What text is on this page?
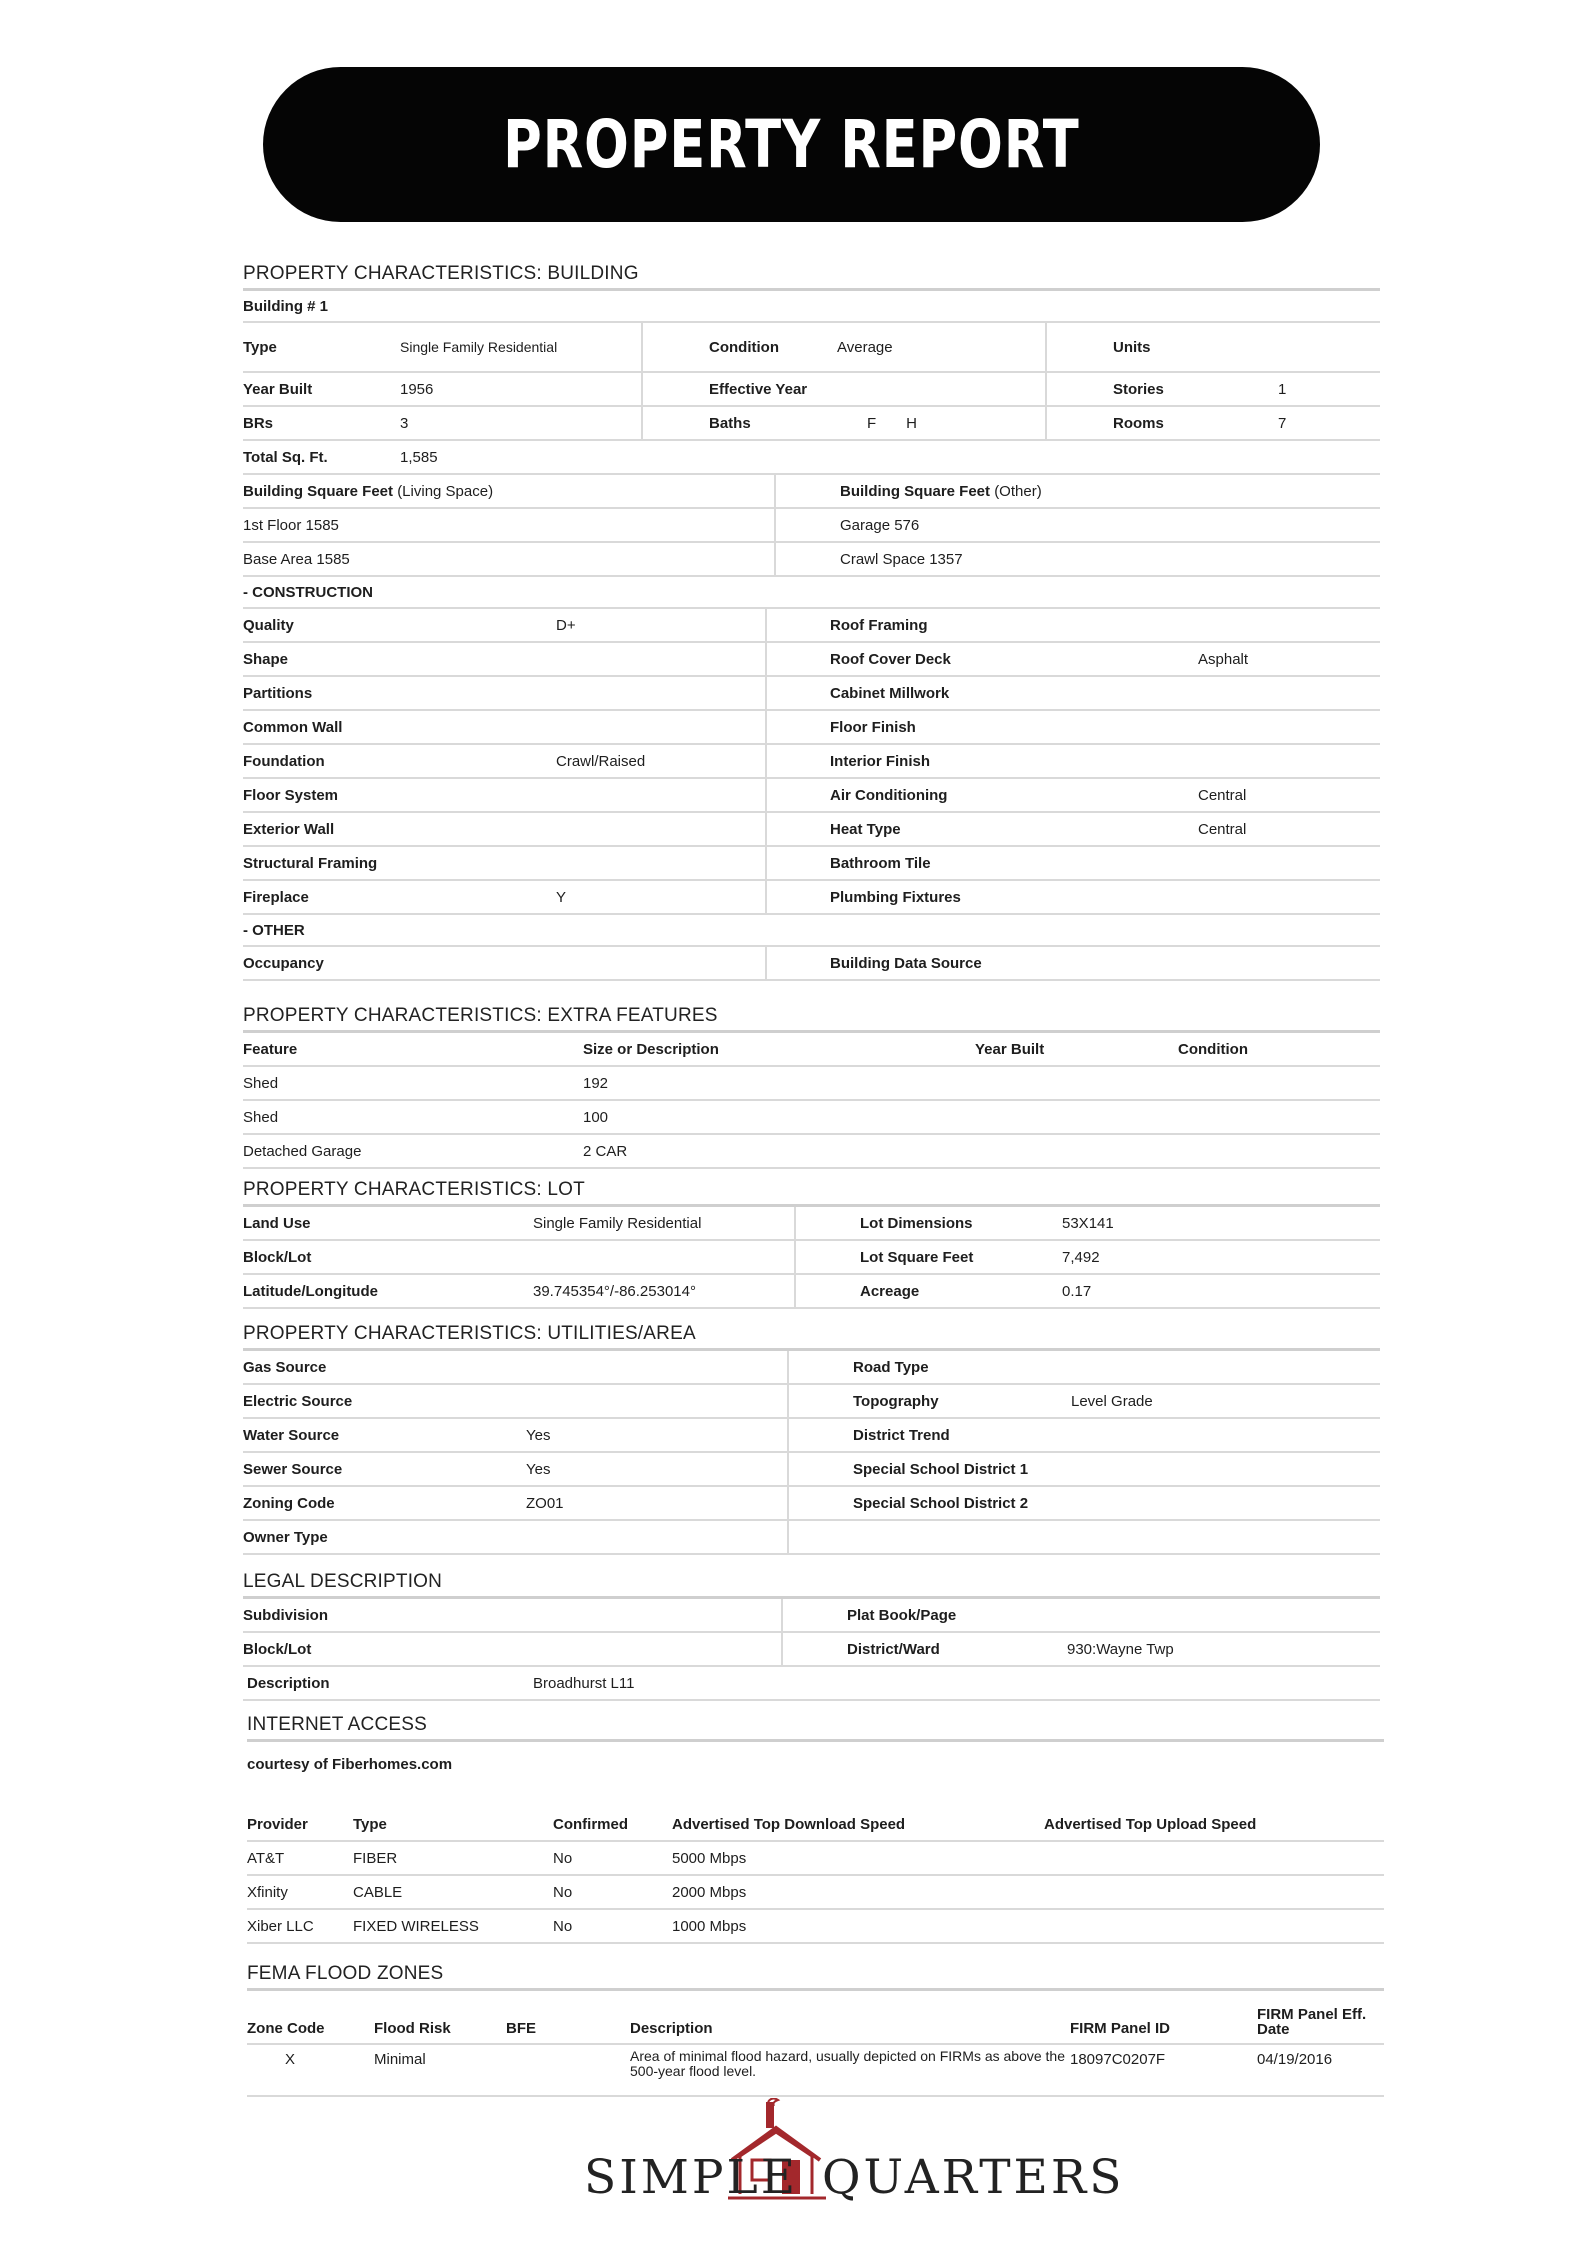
PROPERTY REPORT
PROPERTY CHARACTERISTICS: BUILDING
Building # 1
Type	Single Family Residential		Condition	Average		Units	
Year Built	1956		Effective Year			Stories	1
BRs	3		Baths	F H		Rooms	7
Total Sq. Ft.	1,585						
Building Square Feet (Living Space)	Building Square Feet (Other)
1st Floor 1585	Garage 576
Base Area 1585	Crawl Space 1357
- CONSTRUCTION
Quality	D+	Roof Framing	
Shape		Roof Cover Deck	Asphalt
Partitions		Cabinet Millwork	
Common Wall		Floor Finish	
Foundation	Crawl/Raised	Interior Finish	
Floor System		Air Conditioning	Central
Exterior Wall		Heat Type	Central
Structural Framing		Bathroom Tile	
Fireplace	Y	Plumbing Fixtures	
- OTHER
Occupancy		Building Data Source	
PROPERTY CHARACTERISTICS: EXTRA FEATURES
Feature	Size or Description	Year Built	Condition
Shed	192		
Shed	100		
Detached Garage	2 CAR		
PROPERTY CHARACTERISTICS: LOT
Land Use	Single Family Residential	Lot Dimensions	53X141
Block/Lot		Lot Square Feet	7,492
Latitude/Longitude	39.745354°/-86.253014°	Acreage	0.17
PROPERTY CHARACTERISTICS: UTILITIES/AREA
Gas Source		Road Type	
Electric Source		Topography	Level Grade
Water Source	Yes	District Trend	
Sewer Source	Yes	Special School District 1	
Zoning Code	ZO01	Special School District 2	
Owner Type			
LEGAL DESCRIPTION
Subdivision		Plat Book/Page	
Block/Lot		District/Ward	930:Wayne Twp
Description	Broadhurst L11
INTERNET ACCESS
courtesy of Fiberhomes.com
Provider	Type	Confirmed	Advertised Top Download Speed	Advertised Top Upload Speed
AT&T	FIBER	No	5000 Mbps	
Xfinity	CABLE	No	2000 Mbps	
Xiber LLC	FIXED WIRELESS	No	1000 Mbps	
FEMA FLOOD ZONES
Zone Code	Flood Risk	BFE	Description	FIRM Panel ID	FIRM Panel Eff. Date
X	Minimal		Area of minimal flood hazard, usually depicted on FIRMs as above the 500-year flood level.	18097C0207F	04/19/2016
SIMPLE QUARTERS
